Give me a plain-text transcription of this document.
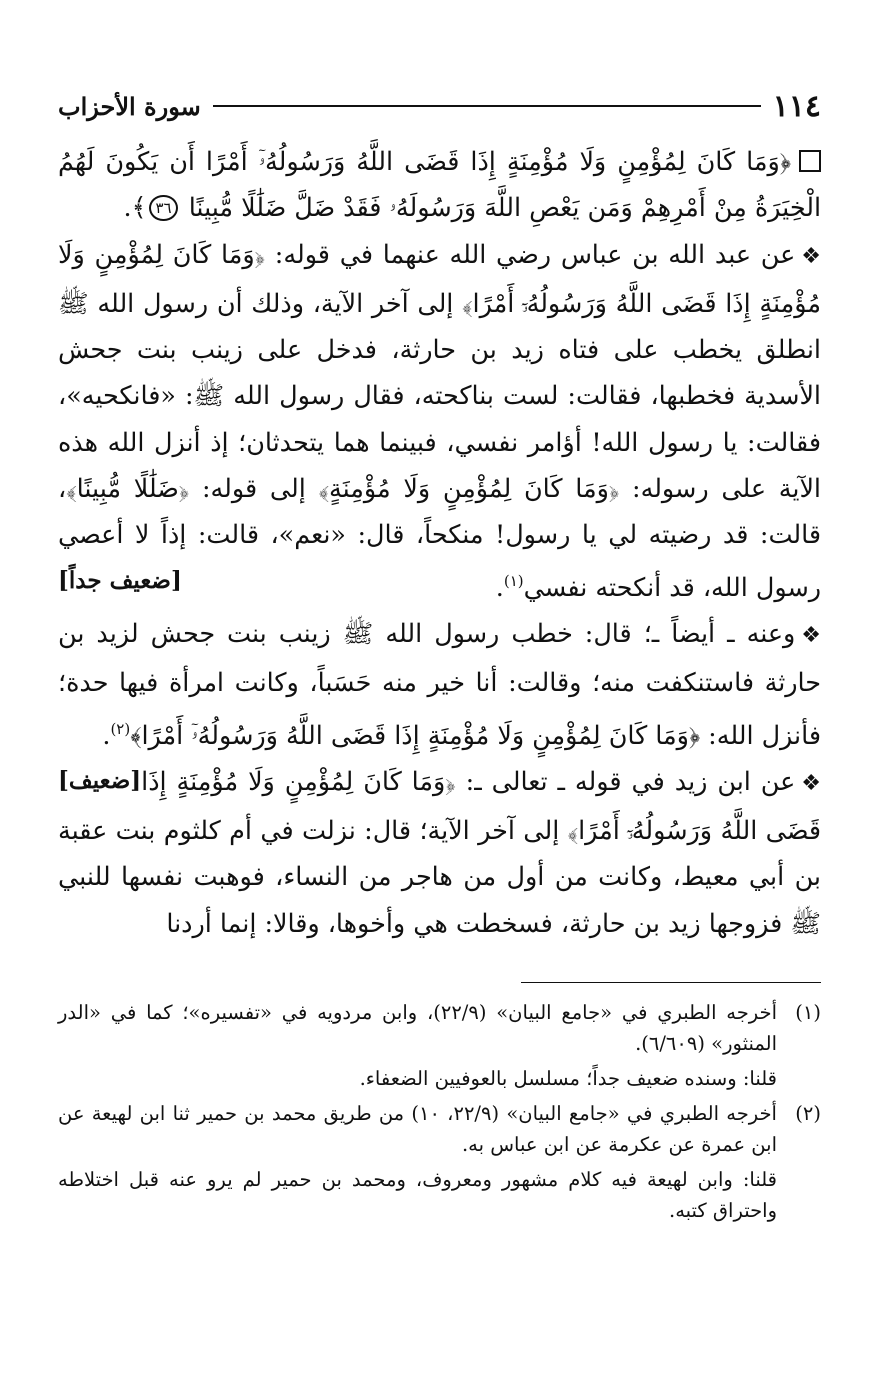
١١٤
سورة الأحزاب

﴿وَمَا كَانَ لِمُؤْمِنٍ وَلَا مُؤْمِنَةٍ إِذَا قَضَى اللَّهُ وَرَسُولُهُۥٓ أَمْرًا أَن يَكُونَ لَهُمُ الْخِيَرَةُ مِنْ أَمْرِهِمْ وَمَن يَعْصِ اللَّهَ وَرَسُولَهُۥ فَقَدْ ضَلَّ ضَلَٰلًا مُّبِينًا ٣٦﴾.

❖عن عبد الله بن عباس رضي الله عنهما في قوله: ﴿وَمَا كَانَ لِمُؤْمِنٍ وَلَا مُؤْمِنَةٍ إِذَا قَضَى اللَّهُ وَرَسُولُهُۥٓ أَمْرًا﴾ إلى آخر الآية، وذلك أن رسول الله ﷺ انطلق يخطب على فتاه زيد بن حارثة، فدخل على زينب بنت جحش الأسدية فخطبها، فقالت: لست بناكحته، فقال رسول الله ﷺ: «فانكحيه»، فقالت: يا رسول الله! أؤامر نفسي، فبينما هما يتحدثان؛ إذ أنزل الله هذه الآية على رسوله: ﴿وَمَا كَانَ لِمُؤْمِنٍ وَلَا مُؤْمِنَةٍ﴾ إلى قوله: ﴿ضَلَٰلًا مُّبِينًا﴾، قالت: قد رضيته لي يا رسول! منكحاً، قال: «نعم»، قالت: إذاً لا أعصي رسول الله، قد أنكحته نفسي$^{(١)}$.
[ضعيف جداً]

❖وعنه ـ أيضاً ـ؛ قال: خطب رسول الله ﷺ زينب بنت جحش لزيد بن حارثة فاستنكفت منه؛ وقالت: أنا خير منه حَسَباً، وكانت امرأة فيها حدة؛ فأنزل الله: ﴿وَمَا كَانَ لِمُؤْمِنٍ وَلَا مُؤْمِنَةٍ إِذَا قَضَى اللَّهُ وَرَسُولُهُۥٓ أَمْرًا﴾$^{(٢)}$.
[ضعيف]	❖عن ابن زيد في قوله ـ تعالى ـ: ﴿وَمَا كَانَ لِمُؤْمِنٍ وَلَا مُؤْمِنَةٍ إِذَا قَضَى اللَّهُ وَرَسُولُهُۥٓ أَمْرًا﴾ إلى آخر الآية؛ قال: نزلت في أم كلثوم بنت عقبة بن أبي معيط، وكانت من أول من هاجر من النساء، فوهبت نفسها للنبي ﷺ فزوجها زيد بن حارثة، فسخطت هي وأخوها، وقالا: إنما أردنا

(١)
أخرجه الطبري في «جامع البيان» (٢٢/٩)، وابن مردويه في «تفسيره»؛ كما في «الدر المنثور» (٦/٦٠٩).

قلنا: وسنده ضعيف جداً؛ مسلسل بالعوفيين الضعفاء.

(٢)
أخرجه الطبري في «جامع البيان» (٢٢/٩، ١٠) من طريق محمد بن حمير ثنا ابن لهيعة عن ابن عمرة عن عكرمة عن ابن عباس به.

قلنا: وابن لهيعة فيه كلام مشهور ومعروف، ومحمد بن حمير لم يرو عنه قبل اختلاطه واحتراق كتبه.
